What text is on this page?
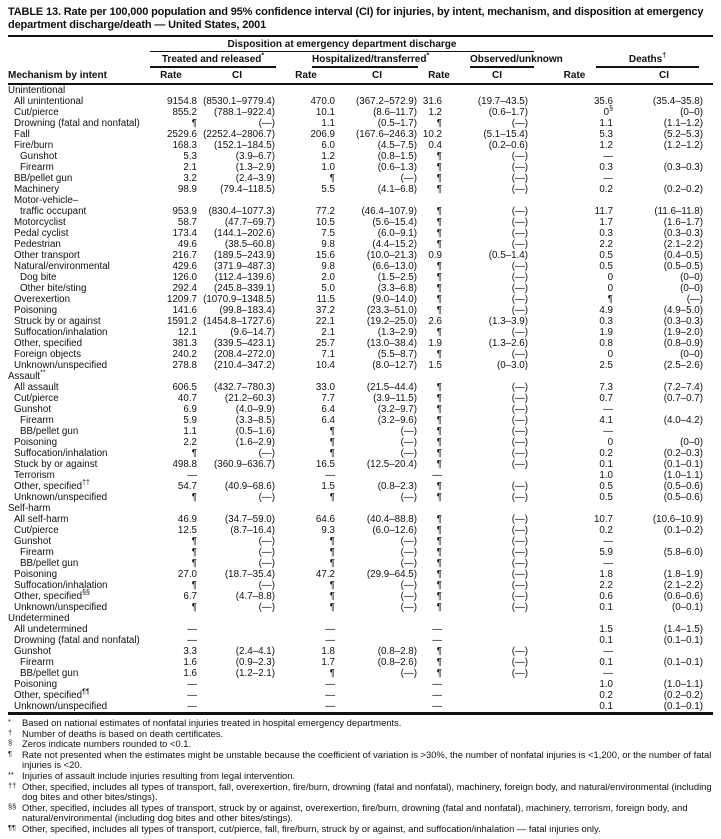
TABLE 13. Rate per 100,000 population and 95% confidence interval (CI) for injuries, by intent, mechanism, and disposition at emergency department discharge/death — United States, 2001

	Disposition at emergency department discharge							

	Treated and released*		Hospitalized/transferred*		Observed/unknown		Deaths†

Mechanism by intent	Rate	CI	Rate	CI	Rate	CI	Rate	CI
Unintentional								
All unintentional	9154.8	(8530.1–9779.4)	470.0	(367.2–572.9)	31.6	(19.7–43.5)	35.6	(35.4–35.8)
Cut/pierce	855.2	(788.1–922.4)	10.1	(8.6–11.7)	1.2	(0.6–1.7)	0§	(0–0)
Drowning (fatal and nonfatal)	¶	(—)	1.1	(0.5–1.7)	¶	(—)	1.1	(1.1–1.2)
Fall	2529.6	(2252.4–2806.7)	206.9	(167.6–246.3)	10.2	(5.1–15.4)	5.3	(5.2–5.3)
Fire/burn	168.3	(152.1–184.5)	6.0	(4.5–7.5)	0.4	(0.2–0.6)	1.2	(1.2–1.2)
Gunshot	5.3	(3.9–6.7)	1.2	(0.8–1.5)	¶	(—)	—	
Firearm	2.1	(1.3–2.9)	1.0	(0.6–1.3)	¶	(—)	0.3	(0.3–0.3)
BB/pellet gun	3.2	(2.4–3.9)	¶	(—)	¶	(—)	—	
Machinery	98.9	(79.4–118.5)	5.5	(4.1–6.8)	¶	(—)	0.2	(0.2–0.2)

Motor-vehicle–
traffic occupant	953.9	(830.4–1077.3)	77.2	(46.4–107.9)	¶	(—)	11.7	(11.6–11.8)
Motorcyclist	58.7	(47.7–69.7)	10.5	(5.6–15.4)	¶	(—)	1.7	(1.6–1.7)
Pedal cyclist	173.4	(144.1–202.6)	7.5	(6.0–9.1)	¶	(—)	0.3	(0.3–0.3)
Pedestrian	49.6	(38.5–60.8)	9.8	(4.4–15.2)	¶	(—)	2.2	(2.1–2.2)
Other transport	216.7	(189.5–243.9)	15.6	(10.0–21.3)	0.9	(0.5–1.4)	0.5	(0.4–0.5)
Natural/environmental	429.6	(371.9–487.3)	9.8	(6.6–13.0)	¶	(—)	0.5	(0.5–0.5)
Dog bite	126.0	(112.4–139.6)	2.0	(1.5–2.5)	¶	(—)	0	(0–0)
Other bite/sting	292.4	(245.8–339.1)	5.0	(3.3–6.8)	¶	(—)	0	(0–0)
Overexertion	1209.7	(1070.9–1348.5)	11.5	(9.0–14.0)	¶	(—)	¶	(—)
Poisoning	141.6	(99.8–183.4)	37.2	(23.3–51.0)	¶	(—)	4.9	(4.9–5.0)
Struck by or against	1591.2	(1454.8–1727.6)	22.1	(19.2–25.0)	2.6	(1.3–3.9)	0.3	(0.3–0.3)
Suffocation/inhalation	12.1	(9.6–14.7)	2.1	(1.3–2.9)	¶	(—)	1.9	(1.9–2.0)
Other, specified	381.3	(339.5–423.1)	25.7	(13.0–38.4)	1.9	(1.3–2.6)	0.8	(0.8–0.9)
Foreign objects	240.2	(208.4–272.0)	7.1	(5.5–8.7)	¶	(—)	0	(0–0)
Unknown/unspecified	278.8	(210.4–347.2)	10.4	(8.0–12.7)	1.5	(0–3.0)	2.5	(2.5–2.6)
Assault**
All assault	606.5	(432.7–780.3)	33.0	(21.5–44.4)	¶	(—)	7.3	(7.2–7.4)
Cut/pierce	40.7	(21.2–60.3)	7.7	(3.9–11.5)	¶	(—)	0.7	(0.7–0.7)
Gunshot	6.9	(4.0–9.9)	6.4	(3.2–9.7)	¶	(—)	—	
Firearm	5.9	(3.3–8.5)	6.4	(3.2–9.6)	¶	(—)	4.1	(4.0–4.2)
BB/pellet gun	1.1	(0.5–1.6)	¶	(—)	¶	(—)	—	
Poisoning	2.2	(1.6–2.9)	¶	(—)	¶	(—)	0	(0–0)
Suffocation/inhalation	¶	(—)	¶	(—)	¶	(—)	0.2	(0.2–0.3)
Stuck by or against	498.8	(360.9–636.7)	16.5	(12.5–20.4)	¶	(—)	0.1	(0.1–0.1)
Terrorism	—		—		—		1.0	(1.0–1.1)
Other, specified††	54.7	(40.9–68.6)	1.5	(0.8–2.3)	¶	(—)	0.5	(0.5–0.6)
Unknown/unspecified	¶	(—)	¶	(—)	¶	(—)	0.5	(0.5–0.6)
Self-harm								
All self-harm	46.9	(34.7–59.0)	64.6	(40.4–88.8)	¶	(—)	10.7	(10.6–10.9)
Cut/pierce	12.5	(8.7–16.4)	9.3	(6.0–12.6)	¶	(—)	0.2	(0.1–0.2)
Gunshot	¶	(—)	¶	(—)	¶	(—)	—	
Firearm	¶	(—)	¶	(—)	¶	(—)	5.9	(5.8–6.0)
BB/pellet gun	¶	(—)	¶	(—)	¶	(—)	—	
Poisoning	27.0	(18.7–35.4)	47.2	(29.9–64.5)	¶	(—)	1.8	(1.8–1.9)
Suffocation/inhalation	¶	(—)	¶	(—)	¶	(—)	2.2	(2.1–2.2)
Other, specified§§	6.7	(4.7–8.8)	¶	(—)	¶	(—)	0.6	(0.6–0.6)
Unknown/unspecified	¶	(—)	¶	(—)	¶	(—)	0.1	(0–0.1)
Undetermined								
All undetermined	—		—		—		1.5	(1.4–1.5)
Drowning (fatal and nonfatal)	—		—		—		0.1	(0.1–0.1)
Gunshot	3.3	(2.4–4.1)	1.8	(0.8–2.8)	¶	(—)	—	
Firearm	1.6	(0.9–2.3)	1.7	(0.8–2.6)	¶	(—)	0.1	(0.1–0.1)
BB/pellet gun	1.6	(1.2–2.1)	¶	(—)	¶	(—)	—	
Poisoning	—		—		—		1.0	(1.0–1.1)
Other, specified¶¶	—		—		—		0.2	(0.2–0.2)
Unknown/unspecified	—		—		—		0.1	(0.1–0.1)
*	Based on national estimates of nonfatal injuries treated in hospital emergency departments.
†	Number of deaths is based on death certificates.
§	Zeros indicate numbers rounded to <0.1.
¶	Rate not presented when the estimates might be unstable because the coefficient of variation is >30%, the number of nonfatal injuries is <1,200, or the number of fatal injuries is <20.
** Injuries of assault include injuries resulting from legal intervention.
†† Other, specified, includes all types of transport, fall, overexertion, fire/burn, drowning (fatal and nonfatal), machinery, foreign body, and natural/environmental (including dog bites and other bites/stings).
§§ Other, specified, includes all types of transport, struck by or against, overexertion, fire/burn, drowning (fatal and nonfatal), machinery, terrorism, foreign body, and natural/environmental (including dog bites and other bites/stings).
¶¶ Other, specified, includes all types of transport, cut/pierce, fall, fire/burn, struck by or against, and suffocation/inhalation — fatal injuries only.
